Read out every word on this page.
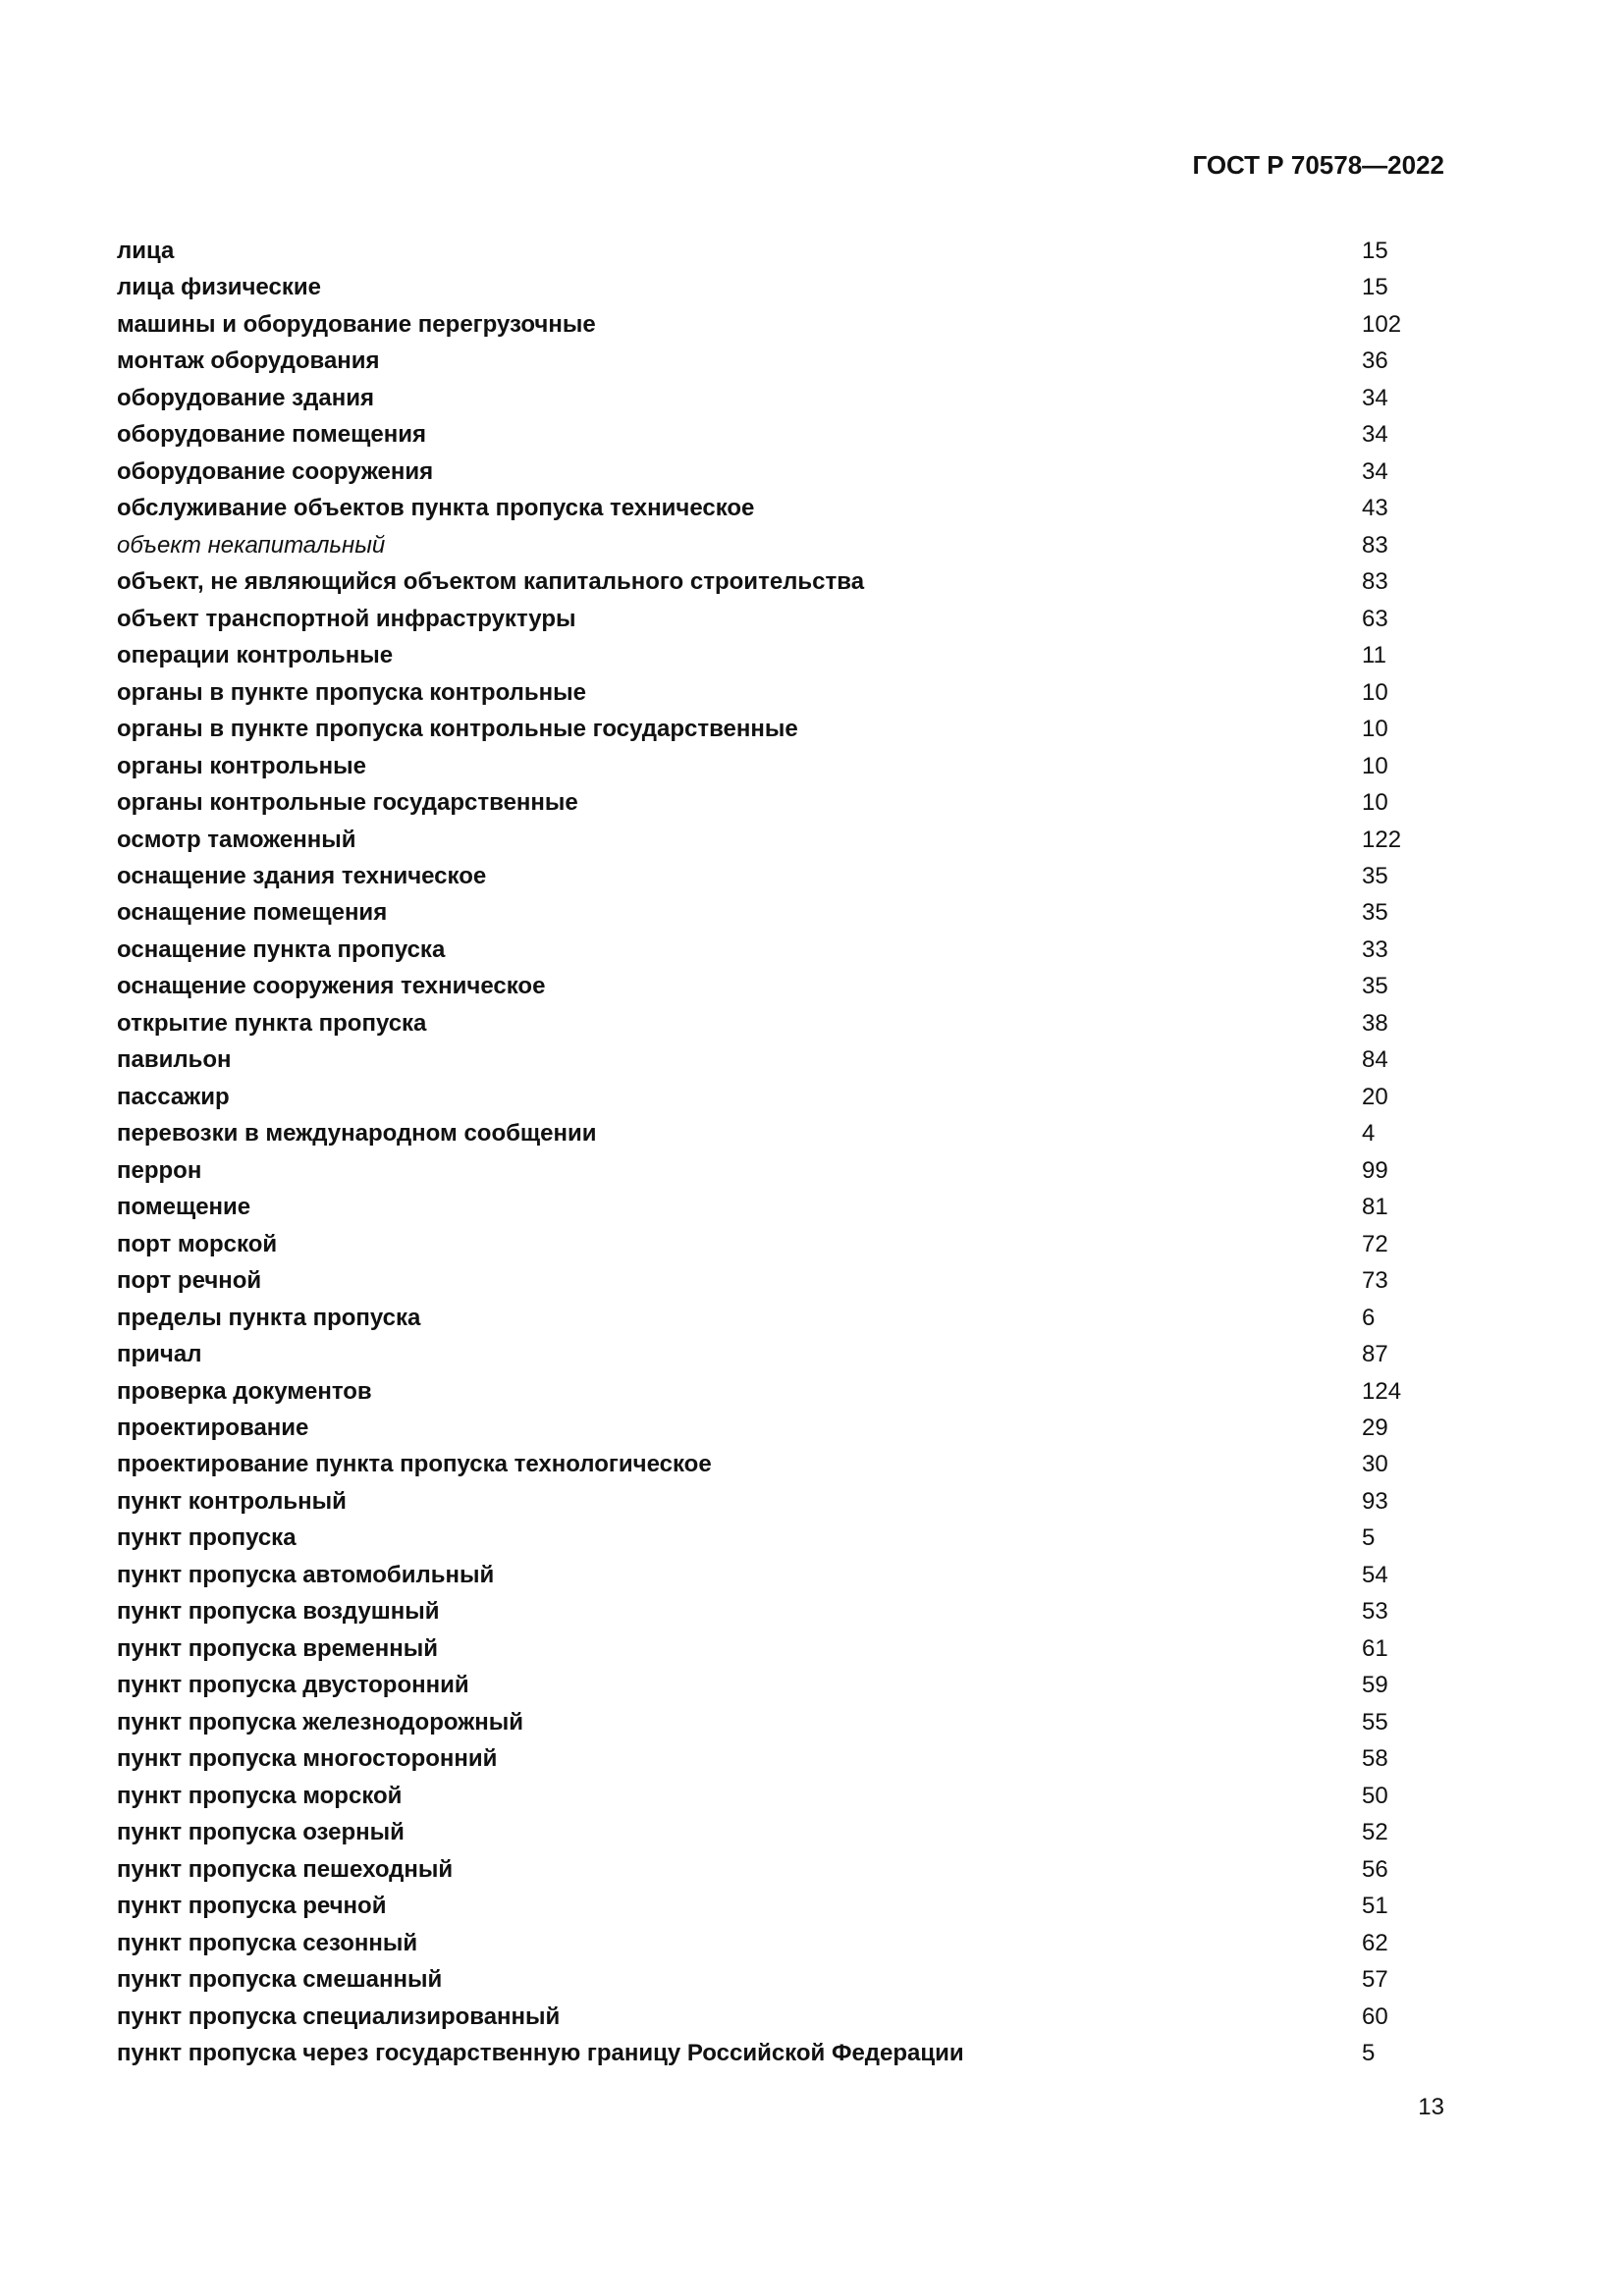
ГОСТ Р 70578—2022
лица	15
лица физические	15
машины и оборудование перегрузочные	102
монтаж оборудования	36
оборудование здания	34
оборудование помещения	34
оборудование сооружения	34
обслуживание объектов пункта пропуска техническое	43
объект некапитальный	83
объект, не являющийся объектом капитального строительства	83
объект транспортной инфраструктуры	63
операции контрольные	11
органы в пункте пропуска контрольные	10
органы в пункте пропуска контрольные государственные	10
органы контрольные	10
органы контрольные государственные	10
осмотр таможенный	122
оснащение здания техническое	35
оснащение помещения	35
оснащение пункта пропуска	33
оснащение сооружения техническое	35
открытие пункта пропуска	38
павильон	84
пассажир	20
перевозки в международном сообщении	4
перрон	99
помещение	81
порт морской	72
порт речной	73
пределы пункта пропуска	6
причал	87
проверка документов	124
проектирование	29
проектирование пункта пропуска технологическое	30
пункт контрольный	93
пункт пропуска	5
пункт пропуска автомобильный	54
пункт пропуска воздушный	53
пункт пропуска временный	61
пункт пропуска двусторонний	59
пункт пропуска железнодорожный	55
пункт пропуска многосторонний	58
пункт пропуска морской	50
пункт пропуска озерный	52
пункт пропуска пешеходный	56
пункт пропуска речной	51
пункт пропуска сезонный	62
пункт пропуска смешанный	57
пункт пропуска специализированный	60
пункт пропуска через государственную границу Российской Федерации	5
13
